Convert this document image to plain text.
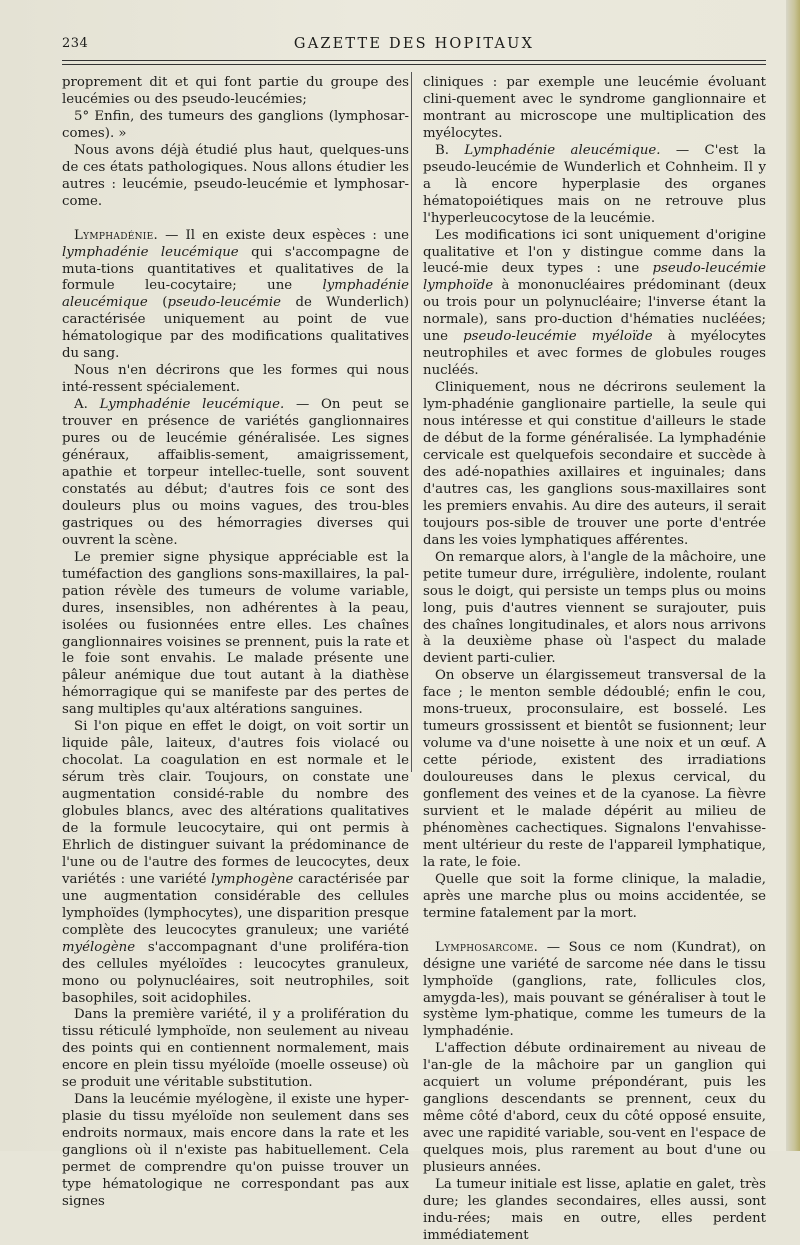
234	GAZETTE DES HOPITAUX

proprement dit et qui font partie du groupe des leucémies ou des pseudo-leucémies;

5° Enfin, des tumeurs des ganglions (lymphosar-comes). »

Nous avons déjà étudié plus haut, quelques-uns de ces états pathologiques. Nous allons étudier les autres : leucémie, pseudo-leucémie et lymphosar-come.

Lymphadénie. — Il en existe deux espèces : une lymphadénie leucémique qui s'accompagne de muta-tions quantitatives et qualitatives de la formule leu-cocytaire; une lymphadénie aleucémique (pseudo-leucémie de Wunderlich) caractérisée uniquement au point de vue hématologique par des modifications qualitatives du sang.

Nous n'en décrirons que les formes qui nous inté-ressent spécialement.

A. Lymphadénie leucémique. — On peut se trouver en présence de variétés ganglionnaires pures ou de leucémie généralisée. Les signes généraux, affaiblis-sement, amaigrissement, apathie et torpeur intellec-tuelle, sont souvent constatés au début; d'autres fois ce sont des douleurs plus ou moins vagues, des trou-bles gastriques ou des hémorragies diverses qui ouvrent la scène.

Le premier signe physique appréciable est la tuméfaction des ganglions sons-maxillaires, la pal-pation révèle des tumeurs de volume variable, dures, insensibles, non adhérentes à la peau, isolées ou fusionnées entre elles. Les chaînes ganglionnaires voisines se prennent, puis la rate et le foie sont envahis. Le malade présente une pâleur anémique due tout autant à la diathèse hémorragique qui se manifeste par des pertes de sang multiples qu'aux altérations sanguines.

Si l'on pique en effet le doigt, on voit sortir un liquide pâle, laiteux, d'autres fois violacé ou chocolat. La coagulation en est normale et le sérum très clair. Toujours, on constate une augmentation considé-rable du nombre des globules blancs, avec des altérations qualitatives de la formule leucocytaire, qui ont permis à Ehrlich de distinguer suivant la prédominance de l'une ou de l'autre des formes de leucocytes, deux variétés : une variété lymphogène caractérisée par une augmentation considérable des cellules lymphoïdes (lymphocytes), une disparition presque complète des leucocytes granuleux; une variété myélogène s'accompagnant d'une proliféra-tion des cellules myéloïdes : leucocytes granuleux, mono ou polynucléaires, soit neutrophiles, soit basophiles, soit acidophiles.

Dans la première variété, il y a prolifération du tissu réticulé lymphoïde, non seulement au niveau des points qui en contiennent normalement, mais encore en plein tissu myéloïde (moelle osseuse) où se produit une véritable substitution.

Dans la leucémie myélogène, il existe une hyper-plasie du tissu myéloïde non seulement dans ses endroits normaux, mais encore dans la rate et les ganglions où il n'existe pas habituellement. Cela permet de comprendre qu'on puisse trouver un type hématologique ne correspondant pas aux signes

cliniques : par exemple une leucémie évoluant clini-quement avec le syndrome ganglionnaire et montrant au microscope une multiplication des myélocytes.

B. Lymphadénie aleucémique. — C'est la pseudo-leucémie de Wunderlich et Cohnheim. Il y a là encore hyperplasie des organes hématopoiétiques mais on ne retrouve plus l'hyperleucocytose de la leucémie.

Les modifications ici sont uniquement d'origine qualitative et l'on y distingue comme dans la leucé-mie deux types : une pseudo-leucémie lymphoïde à mononucléaires prédominant (deux ou trois pour un polynucléaire; l'inverse étant la normale), sans pro-duction d'hématies nucléées; une pseudo-leucémie myéloïde à myélocytes neutrophiles et avec formes de globules rouges nucléés.

Cliniquement, nous ne décrirons seulement la lym-phadénie ganglionaire partielle, la seule qui nous intéresse et qui constitue d'ailleurs le stade de début de la forme généralisée. La lymphadénie cervicale est quelquefois secondaire et succède à des adé-nopathies axillaires et inguinales; dans d'autres cas, les ganglions sous-maxillaires sont les premiers envahis. Au dire des auteurs, il serait toujours pos-sible de trouver une porte d'entrée dans les voies lymphatiques afférentes.

On remarque alors, à l'angle de la mâchoire, une petite tumeur dure, irrégulière, indolente, roulant sous le doigt, qui persiste un temps plus ou moins long, puis d'autres viennent se surajouter, puis des chaînes longitudinales, et alors nous arrivons à la deuxième phase où l'aspect du malade devient parti-culier.

On observe un élargissemeut transversal de la face ; le menton semble dédoublé; enfin le cou, mons-trueux, proconsulaire, est bosselé. Les tumeurs grossissent et bientôt se fusionnent; leur volume va d'une noisette à une noix et un œuf. A cette période, existent des irradiations douloureuses dans le plexus cervical, du gonflement des veines et de la cyanose. La fièvre survient et le malade dépérit au milieu de phénomènes cachectiques. Signalons l'envahisse-ment ultérieur du reste de l'appareil lymphatique, la rate, le foie.

Quelle que soit la forme clinique, la maladie, après une marche plus ou moins accidentée, se termine fatalement par la mort.

Lymphosarcome. — Sous ce nom (Kundrat), on désigne une variété de sarcome née dans le tissu lymphoïde (ganglions, rate, follicules clos, amygda-les), mais pouvant se généraliser à tout le système lym-phatique, comme les tumeurs de la lymphadénie.

L'affection débute ordinairement au niveau de l'an-gle de la mâchoire par un ganglion qui acquiert un volume prépondérant, puis les ganglions descendants se prennent, ceux du même côté d'abord, ceux du côté opposé ensuite, avec une rapidité variable, sou-vent en l'espace de quelques mois, plus rarement au bout d'une ou plusieurs années.

La tumeur initiale est lisse, aplatie en galet, très dure; les glandes secondaires, elles aussi, sont indu-rées; mais en outre, elles perdent immédiatement
